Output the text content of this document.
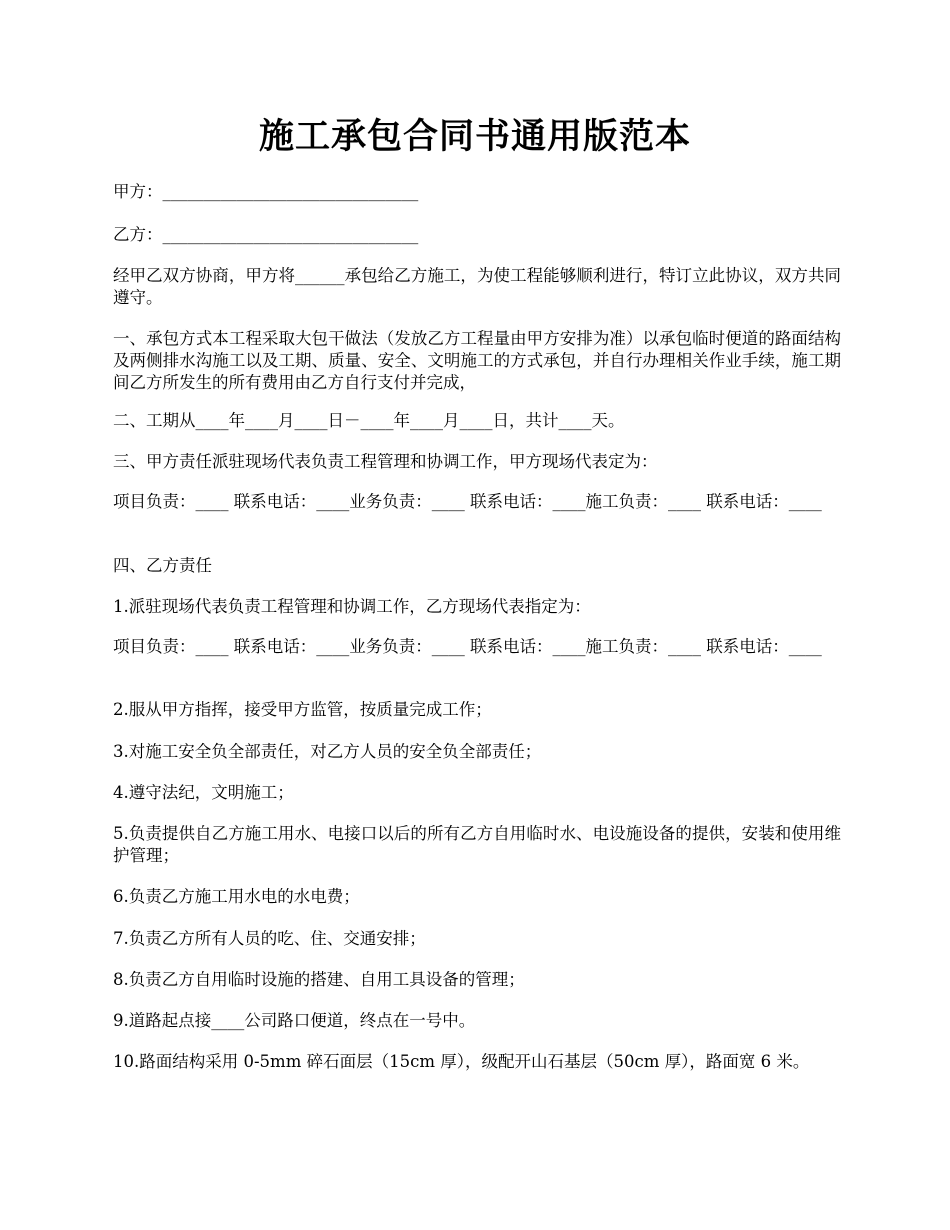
施工承包合同书通用版范本

甲方：_______________________________

乙方：_______________________________

经甲乙双方协商，甲方将______承包给乙方施工，为使工程能够顺利进行，特订立此协议，双方共同遵守。

一、承包方式本工程采取大包干做法（发放乙方工程量由甲方安排为准）以承包临时便道的路面结构及两侧排水沟施工以及工期、质量、安全、文明施工的方式承包，并自行办理相关作业手续，施工期间乙方所发生的所有费用由乙方自行支付并完成，

二、工期从____年____月____日－____年____月____日，共计____天。

三、甲方责任派驻现场代表负责工程管理和协调工作，甲方现场代表定为：

项目负责：____ 联系电话：____业务负责：____ 联系电话：____施工负责：____ 联系电话：____

四、乙方责任

1.派驻现场代表负责工程管理和协调工作，乙方现场代表指定为：

项目负责：____ 联系电话：____业务负责：____ 联系电话：____施工负责：____ 联系电话：____

2.服从甲方指挥，接受甲方监管，按质量完成工作；

3.对施工安全负全部责任，对乙方人员的安全负全部责任；

4.遵守法纪，文明施工；

5.负责提供自乙方施工用水、电接口以后的所有乙方自用临时水、电设施设备的提供，安装和使用维护管理；

6.负责乙方施工用水电的水电费；

7.负责乙方所有人员的吃、住、交通安排；

8.负责乙方自用临时设施的搭建、自用工具设备的管理；

9.道路起点接____公司路口便道，终点在一号中。

10.路面结构采用 0-5mm 碎石面层（15cm 厚），级配开山石基层（50cm 厚），路面宽 6 米。
